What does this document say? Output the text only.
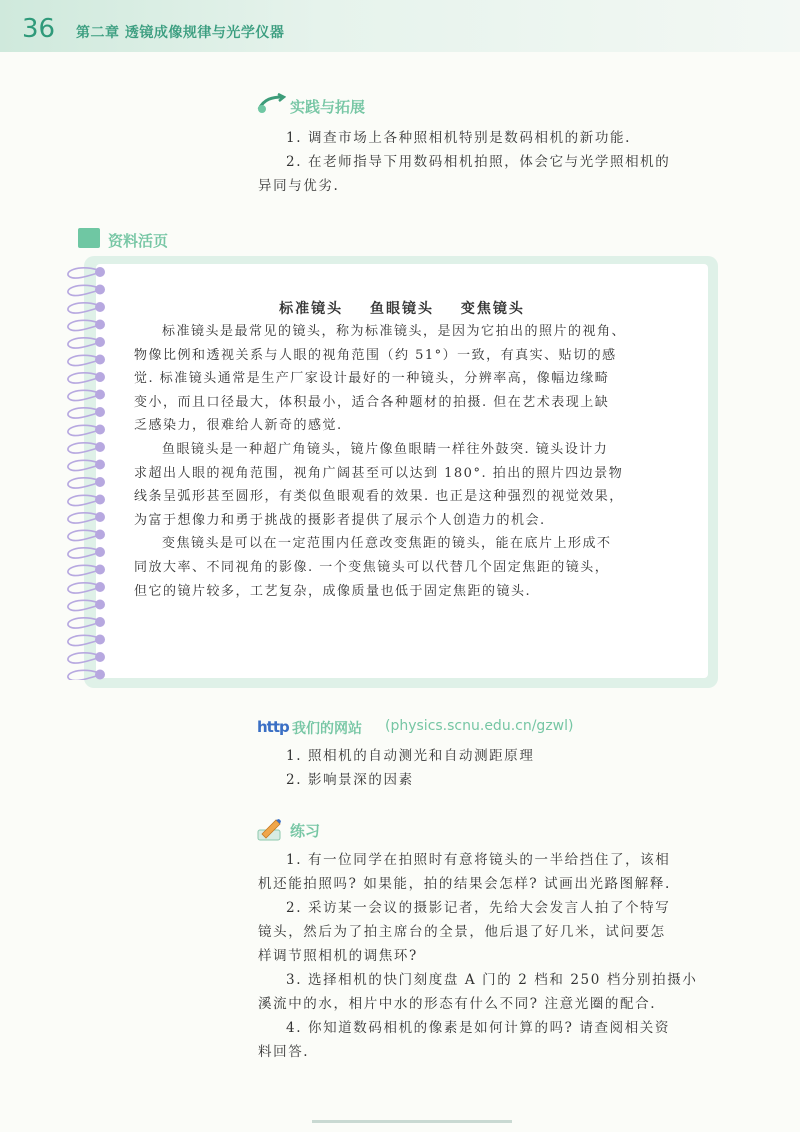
36 第二章 透镜成像规律与光学仪器
实践与拓展
1. 调查市场上各种照相机特别是数码相机的新功能.
2. 在老师指导下用数码相机拍照，体会它与光学照相机的
异同与优劣.
资料活页
标准镜头 鱼眼镜头 变焦镜头
标准镜头是最常见的镜头，称为标准镜头，是因为它拍出的照片的视角、
物像比例和透视关系与人眼的视角范围（约 51°）一致，有真实、贴切的感
觉. 标准镜头通常是生产厂家设计最好的一种镜头，分辨率高，像幅边缘畸
变小，而且口径最大，体积最小，适合各种题材的拍摄. 但在艺术表现上缺
乏感染力，很难给人新奇的感觉.
鱼眼镜头是一种超广角镜头，镜片像鱼眼睛一样往外鼓突. 镜头设计力
求超出人眼的视角范围，视角广阔甚至可以达到 180°. 拍出的照片四边景物
线条呈弧形甚至圆形，有类似鱼眼观看的效果. 也正是这种强烈的视觉效果，
为富于想像力和勇于挑战的摄影者提供了展示个人创造力的机会.
变焦镜头是可以在一定范围内任意改变焦距的镜头，能在底片上形成不
同放大率、不同视角的影像. 一个变焦镜头可以代替几个固定焦距的镜头，
但它的镜片较多，工艺复杂，成像质量也低于固定焦距的镜头.
http 我们的网站 (physics.scnu.edu.cn/gzwl)
1. 照相机的自动测光和自动测距原理
2. 影响景深的因素
练习
1. 有一位同学在拍照时有意将镜头的一半给挡住了，该相
机还能拍照吗? 如果能，拍的结果会怎样? 试画出光路图解释.
2. 采访某一会议的摄影记者，先给大会发言人拍了个特写
镜头，然后为了拍主席台的全景，他后退了好几米，试问要怎
样调节照相机的调焦环?
3. 选择相机的快门刻度盘 A 门的 2 档和 250 档分别拍摄小
溪流中的水，相片中水的形态有什么不同? 注意光圈的配合.
4. 你知道数码相机的像素是如何计算的吗? 请查阅相关资
料回答.
